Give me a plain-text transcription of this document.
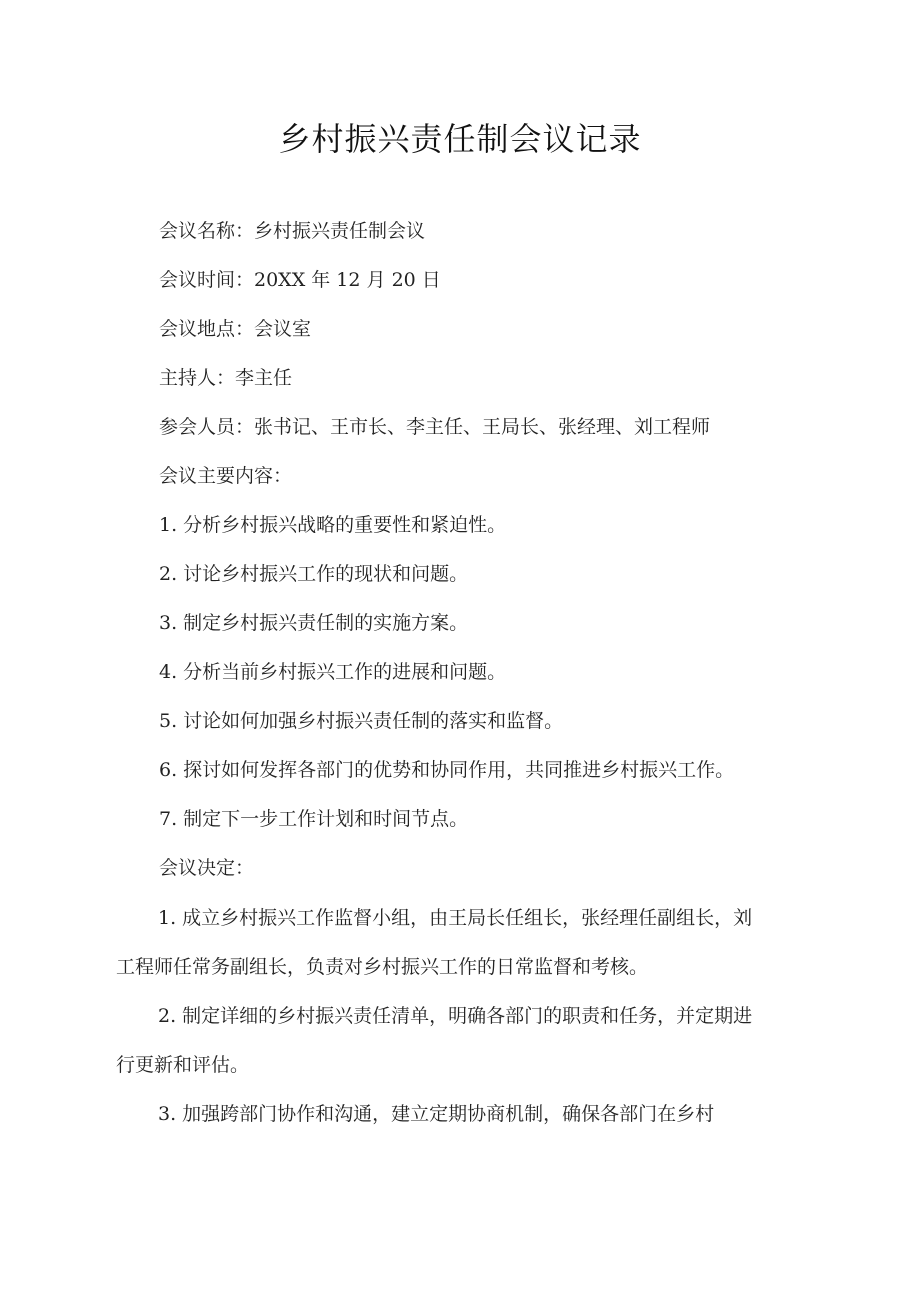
乡村振兴责任制会议记录
会议名称：乡村振兴责任制会议
会议时间：20XX 年 12 月 20 日
会议地点：会议室
主持人：李主任
参会人员：张书记、王市长、李主任、王局长、张经理、刘工程师
会议主要内容：
1. 分析乡村振兴战略的重要性和紧迫性。
2. 讨论乡村振兴工作的现状和问题。
3. 制定乡村振兴责任制的实施方案。
4. 分析当前乡村振兴工作的进展和问题。
5. 讨论如何加强乡村振兴责任制的落实和监督。
6. 探讨如何发挥各部门的优势和协同作用，共同推进乡村振兴工作。
7. 制定下一步工作计划和时间节点。
会议决定：
1. 成立乡村振兴工作监督小组，由王局长任组长，张经理任副组长，刘
工程师任常务副组长，负责对乡村振兴工作的日常监督和考核。
2. 制定详细的乡村振兴责任清单，明确各部门的职责和任务，并定期进
行更新和评估。
3. 加强跨部门协作和沟通，建立定期协商机制，确保各部门在乡村
